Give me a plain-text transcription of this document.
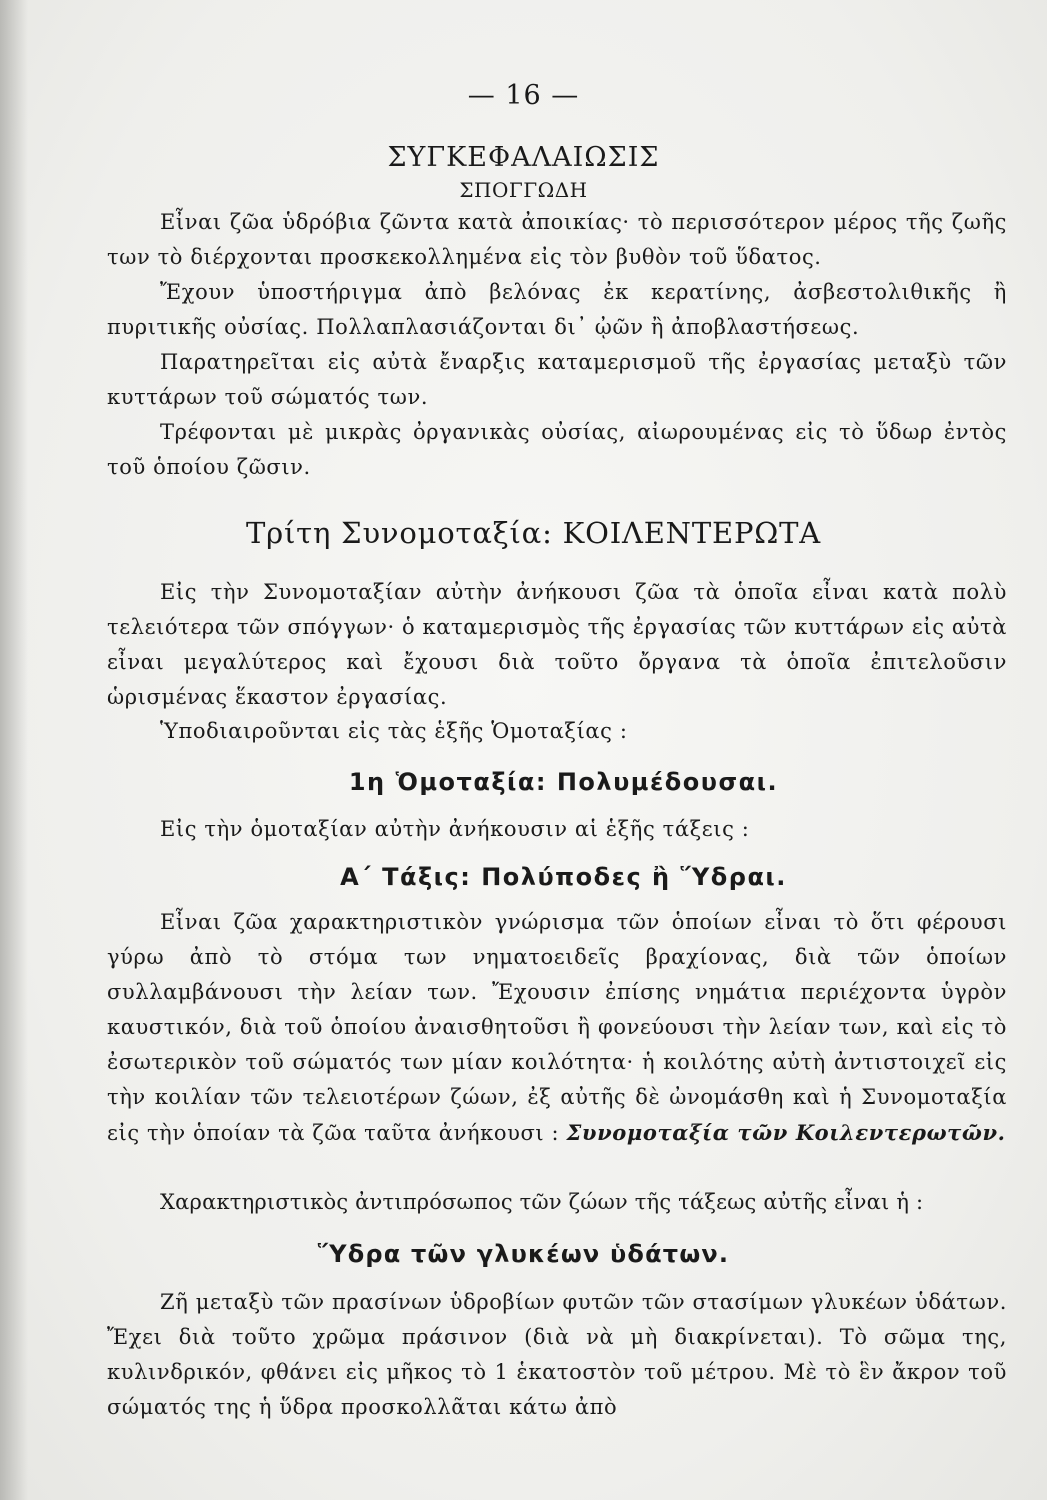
— 16 —

ΣΥΓΚΕΦΑΛΑΙΩΣΙΣ

ΣΠΟΓΓΩΔΗ

Εἶναι ζῶα ὑδρόβια ζῶντα κατὰ ἀποικίας· τὸ περισσότερον μέρος τῆς ζωῆς των τὸ διέρχονται προσκεκολλημένα εἰς τὸν βυθὸν τοῦ ὕδατος.

Ἔχουν ὑποστήριγμα ἀπὸ βελόνας ἐκ κερατίνης, ἀσβεστολιθικῆς ἢ πυριτικῆς οὐσίας. Πολλαπλασιάζονται δι᾿ ᾠῶν ἢ ἀποβλαστήσεως.

Παρατηρεῖται εἰς αὐτὰ ἔναρξις καταμερισμοῦ τῆς ἐργασίας μεταξὺ τῶν κυττάρων τοῦ σώματός των.

Τρέφονται μὲ μικρὰς ὀργανικὰς οὐσίας, αἰωρουμένας εἰς τὸ ὕδωρ ἐντὸς τοῦ ὁποίου ζῶσιν.

Τρίτη Συνομοταξία: ΚΟΙΛΕΝΤΕΡΩΤΑ

Εἰς τὴν Συνομοταξίαν αὐτὴν ἀνήκουσι ζῶα τὰ ὁποῖα εἶναι κατὰ πολὺ τελειότερα τῶν σπόγγων· ὁ καταμερισμὸς τῆς ἐργασίας τῶν κυττάρων εἰς αὐτὰ εἶναι μεγαλύτερος καὶ ἔχουσι διὰ τοῦτο ὄργανα τὰ ὁποῖα ἐπιτελοῦσιν ὡρισμένας ἕκαστον ἐργασίας.

Ὑποδιαιροῦνται εἰς τὰς ἑξῆς Ὁμοταξίας :

1η Ὁμοταξία: Πολυμέδουσαι.

Εἰς τὴν ὁμοταξίαν αὐτὴν ἀνήκουσιν αἱ ἑξῆς τάξεις :

Α΄ Τάξις: Πολύποδες ἢ Ὕδραι.

Εἶναι ζῶα χαρακτηριστικὸν γνώρισμα τῶν ὁποίων εἶναι τὸ ὅτι φέρουσι γύρω ἀπὸ τὸ στόμα των νηματοειδεῖς βραχίονας, διὰ τῶν ὁποίων συλλαμβάνουσι τὴν λείαν των. Ἔχουσιν ἐπίσης νημάτια περιέχοντα ὑγρὸν καυστικόν, διὰ τοῦ ὁποίου ἀναισθητοῦσι ἢ φονεύουσι τὴν λείαν των, καὶ εἰς τὸ ἐσωτερικὸν τοῦ σώματός των μίαν κοιλότητα· ἡ κοιλότης αὐτὴ ἀντιστοιχεῖ εἰς τὴν κοιλίαν τῶν τελειοτέρων ζώων, ἐξ αὐτῆς δὲ ὠνομάσθη καὶ ἡ Συνομοταξία εἰς τὴν ὁποίαν τὰ ζῶα ταῦτα ἀνήκουσι : Συνομοταξία τῶν Κοιλεντερωτῶν.

Χαρακτηριστικὸς ἀντιπρόσωπος τῶν ζώων τῆς τάξεως αὐτῆς εἶναι ἡ :

Ὕδρα τῶν γλυκέων ὑδάτων.

Ζῆ μεταξὺ τῶν πρασίνων ὑδροβίων φυτῶν τῶν στασίμων γλυκέων ὑδάτων. Ἔχει διὰ τοῦτο χρῶμα πράσινον (διὰ νὰ μὴ διακρίνεται). Τὸ σῶμα της, κυλινδρικόν, φθάνει εἰς μῆκος τὸ 1 ἑκατοστὸν τοῦ μέτρου. Μὲ τὸ ἓν ἄκρον τοῦ σώματός της ἡ ὕδρα προσκολλᾶται κάτω ἀπὸ
